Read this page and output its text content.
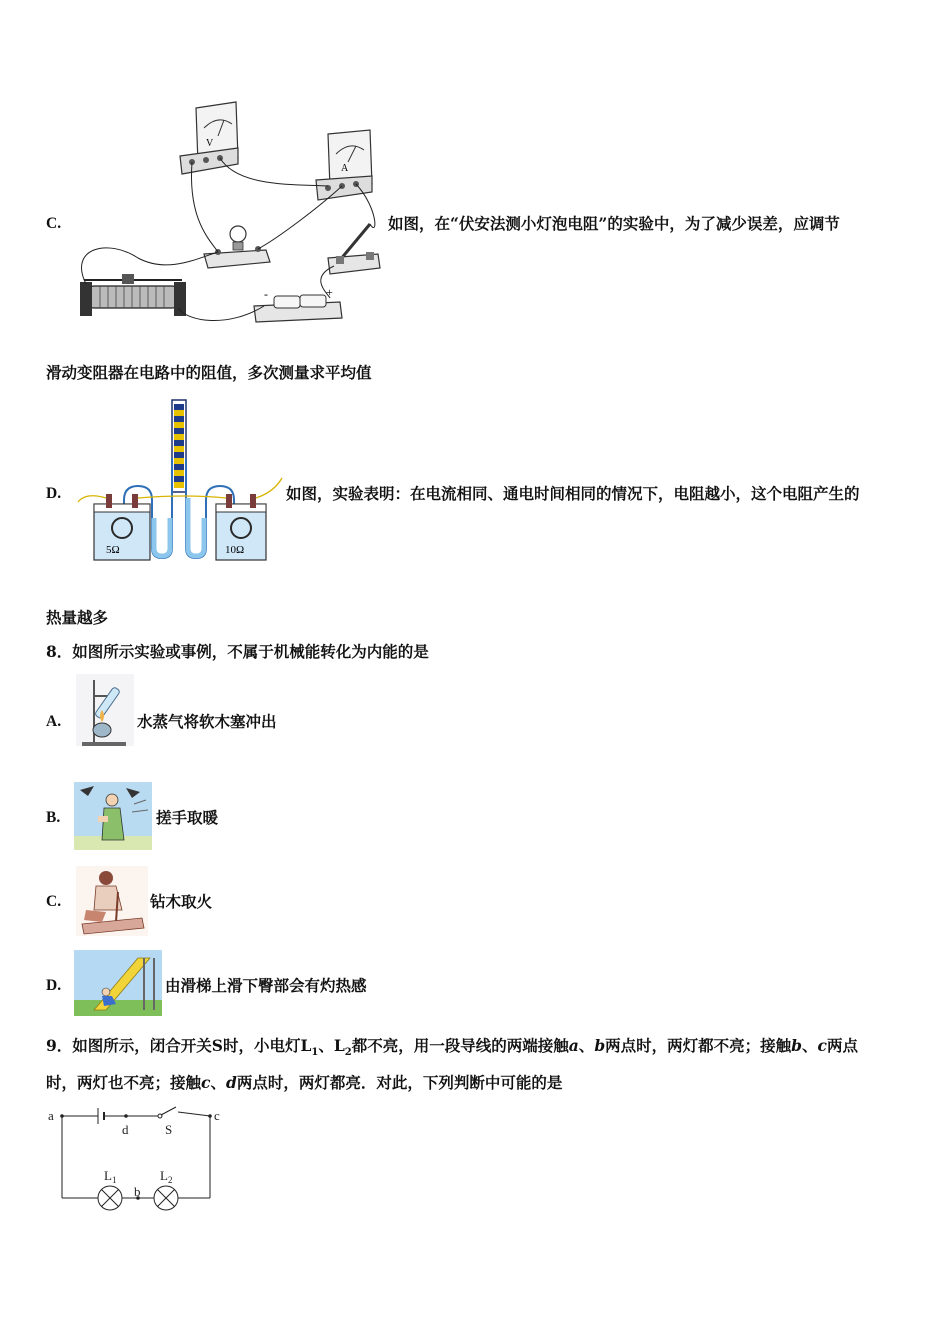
C.
V
A
-	+
如图，在“伏安法测小灯泡电阻”的实验中，为了减少误差，应调节
滑动变阻器在电路中的阻值，多次测量求平均值
D.
5Ω	10Ω
如图，实验表明：在电流相同、通电时间相同的情况下，电阻越小，这个电阻产生的
热量越多
8．如图所示实验或事例，不属于机械能转化为内能的是
A.	水蒸气将软木塞冲出
B.	搓手取暖
C.	钻木取火
D.	由滑梯上滑下臀部会有灼热感
9．如图所示，闭合开关S时，小电灯$L_1$、$L_2$都不亮，用一段导线的两端接触a、b两点时，两灯都不亮；接触b、c两点
时，两灯也不亮；接触c、d两点时，两灯都亮．对此，下列判断中可能的是
a	c
d	S
b
$L_1$	$L_2$
